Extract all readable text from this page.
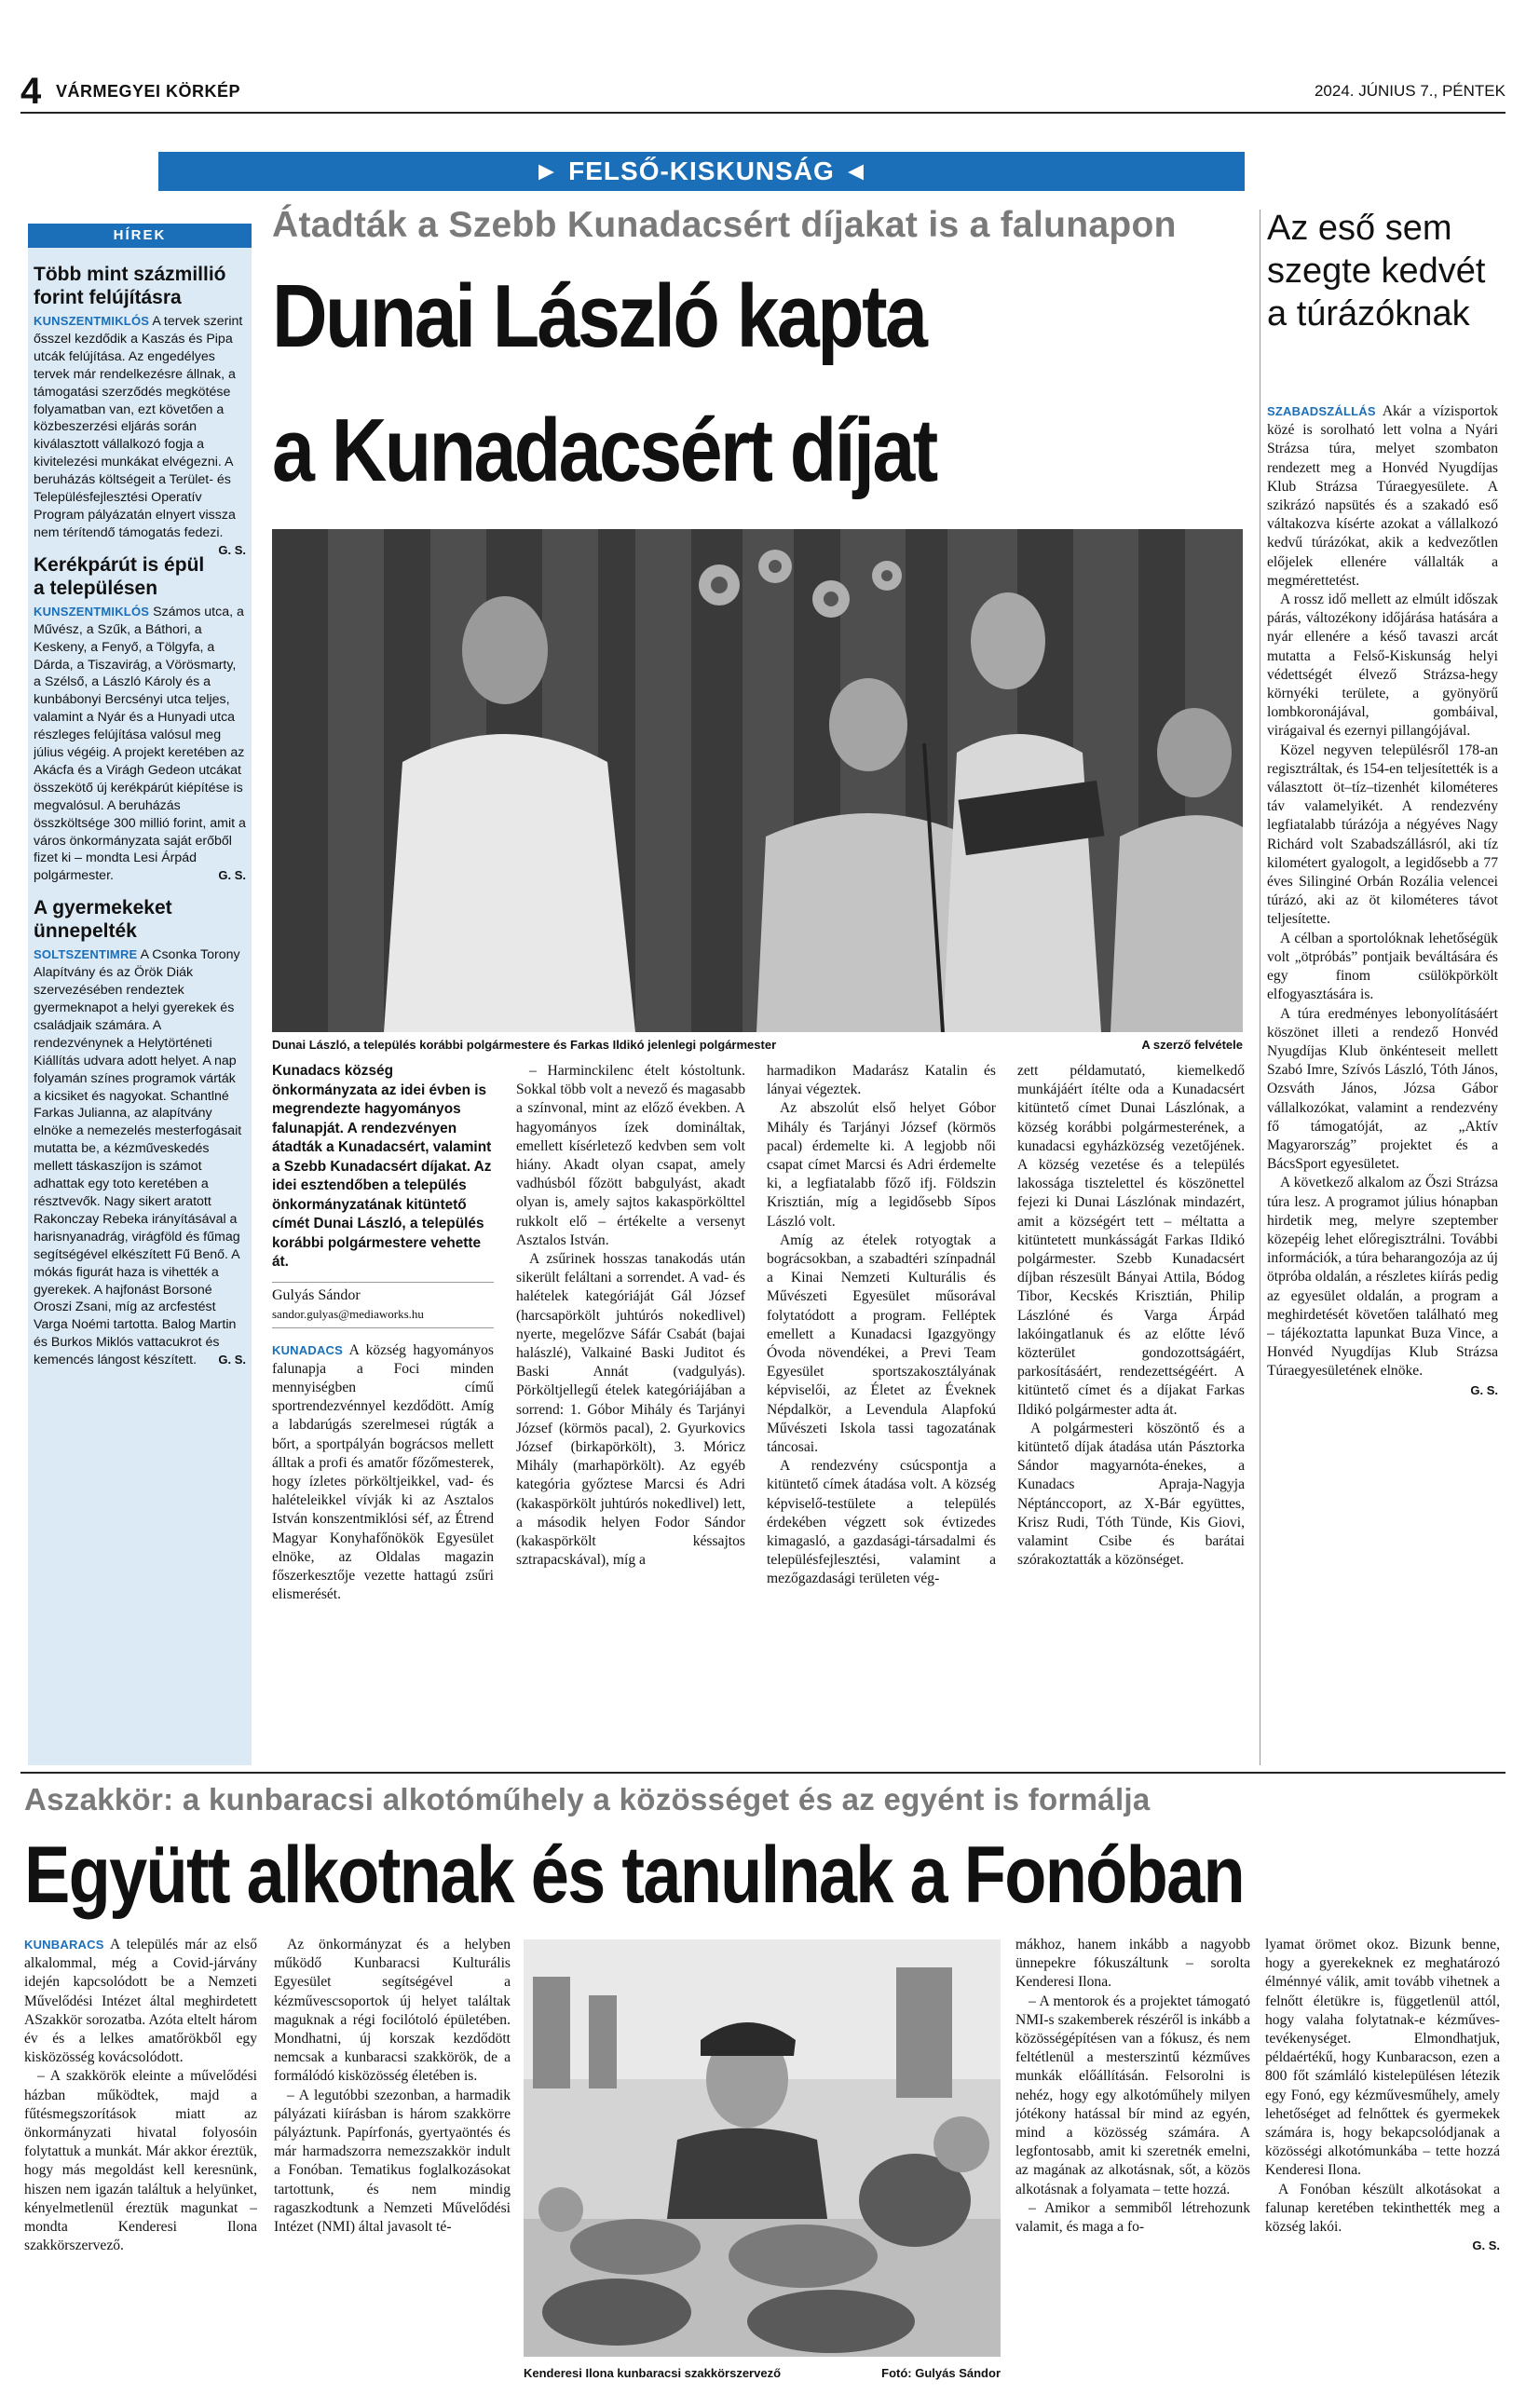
4 VÁRMEGYEI KÖRKÉP	2024. JÚNIUS 7., PÉNTEK
► FELSŐ-KISKUNSÁG ◄
HÍREK
Több mint százmillió forint felújításra
KUNSZENTMIKLÓS A tervek szerint ősszel kezdődik a Kaszás és Pipa utcák felújítása. Az engedélyes tervek már rendelkezésre állnak, a támogatási szerződés megkötése folyamatban van, ezt követően a közbeszerzési eljárás során kiválasztott vállalkozó fogja a kivitelezési munkákat elvégezni. A beruházás költségeit a Terület- és Településfejlesztési Operatív Program pályázatán elnyert vissza nem térítendő támogatás fedezi.
G. S.
Kerékpárút is épül a településen
KUNSZENTMIKLÓS Számos utca, a Művész, a Szűk, a Báthori, a Keskeny, a Fenyő, a Tölgyfa, a Dárda, a Tiszavirág, a Vörösmarty, a Szélső, a László Károly és a kunbábonyi Bercsényi utca teljes, valamint a Nyár és a Hunyadi utca részleges felújítása valósul meg július végéig. A projekt keretében az Akácfa és a Virágh Gedeon utcákat összekötő új kerékpárút kiépítése is megvalósul. A beruházás összköltsége 300 millió forint, amit a város önkormányzata saját erőből fizet ki – mondta Lesi Árpád polgármester.	G. S.
A gyermekeket ünnepelték
SOLTSZENTIMRE A Csonka Torony Alapítvány és az Örök Diák szervezésében rendeztek gyermeknapot a helyi gyerekek és családjaik számára. A rendezvénynek a Helytörténeti Kiállítás udvara adott helyet. A nap folyamán színes programok várták a kicsiket és nagyokat. Schantlné Farkas Julianna, az alapítvány elnöke a nemezelés mesterfogásait mutatta be, a kézműveskedés mellett táskaszíjon is számot adhattak egy toto keretében a résztvevők. Nagy sikert aratott Rakonczay Rebeka irányításával a harisnyanadrág, virágföld és fűmag segítségével elkészített Fű Benő. A mókás figurát haza is vihették a gyerekek. A hajfonást Borsoné Oroszi Zsani, míg az arcfestést Varga Noémi tartotta. Balog Martin és Burkos Miklós vattacukrot és kemencés lángost készített. G. S.
Átadták a Szebb Kunadacsért díjakat is a falunapon
Dunai László kapta
a Kunadacsért díjat
Dunai László, a település korábbi polgármestere és Farkas Ildikó jelenlegi polgármester	A szerző felvétele
Kunadacs község önkormányzata az idei évben is megrendezte hagyományos falunapját. A rendezvényen átadták a Kunadacsért, valamint a Szebb Kunadacsért díjakat. Az idei esztendőben a település önkormányzatának kitüntető címét Dunai László, a település korábbi polgármestere vehette át.
Gulyás Sándor
sandor.gulyas@mediaworks.hu

KUNADACS A község hagyományos falunapja a Foci minden mennyiségben című sportrendezvénnyel kezdődött. Amíg a labdarúgás szerelmesei rúgták a bőrt, a sportpályán bográcsos mellett álltak a profi és amatőr főzőmesterek, hogy ízletes pörköltjeikkel, vad- és halételeikkel vívják ki az Asztalos István konszentmiklósi séf, az Étrend Magyar Konyhafőnökök Egyesület elnöke, az Oldalas magazin főszerkesztője vezette hattagú zsűri elismerését.

– Harminckilenc ételt kóstoltunk. Sokkal több volt a nevező és magasabb a színvonal, mint az előző években. A hagyományos ízek domináltak, emellett kísérletező kedvben sem volt hiány. Akadt olyan csapat, amely vadhúsból főzött babgulyást, akadt olyan is, amely sajtos kakaspörkölttel rukkolt elő – értékelte a versenyt Asztalos István.

A zsűrinek hosszas tanakodás után sikerült feláltani a sorrendet. A vad- és halételek kategóriáját Gál József (harcsapörkölt juhtúrós nokedlivel) nyerte, megelőzve Sáfár Csabát (bajai halászlé), Valkainé Baski Juditot és Baski Annát (vadgulyás). Pörköltjellegű ételek kategóriájában a sorrend: 1. Góbor Mihály és Tarjányi József (körmös pacal), 2. Gyurkovics József (birkapörkölt), 3. Móricz Mihály (marhapörkölt). Az egyéb kategória győztese Marcsi és Adri (kakaspörkölt juhtúrós nokedlivel) lett, a második helyen Fodor Sándor (kakaspörkölt késsajtos sztrapacskával), míg a

harmadikon Madarász Katalin és lányai végeztek.

Az abszolút első helyet Góbor Mihály és Tarjányi József (körmös pacal) érdemelte ki. A legjobb női csapat címet Marcsi és Adri érdemelte ki, a legfiatalabb főző ifj. Földszin Krisztián, míg a legidősebb Sípos László volt.

Amíg az ételek rotyogtak a bográcsokban, a szabadtéri színpadnál a Kinai Nemzeti Kulturális és Művészeti Egyesület műsorával folytatódott a program. Felléptek emellett a Kunadacsi Igazgyöngy Óvoda növendékei, a Previ Team Egyesület sportszakosztályának képviselői, az Életet az Éveknek Népdalkör, a Levendula Alapfokú Művészeti Iskola tassi tagozatának táncosai.

A rendezvény csúcspontja a kitüntető címek átadása volt. A község képviselő-testülete a település érdekében végzett sok évtizedes kimagasló, a gazdasági-társadalmi és településfejlesztési, valamint a mezőgazdasági területen vég-

zett példamutató, kiemelkedő munkájáért ítélte oda a Kunadacsért kitüntető címet Dunai Lászlónak, a község korábbi polgármesterének, a kunadacsi egyházközség vezetőjének. A község vezetése és a település lakossága tisztelettel és köszönettel fejezi ki Dunai Lászlónak mindazért, amit a községért tett – méltatta a kitüntetett munkásságát Farkas Ildikó polgármester. Szebb Kunadacsért díjban részesült Bányai Attila, Bódog Tibor, Kecskés Krisztián, Philip Lászlóné és Varga Árpád lakóingatlanuk és az előtte lévő közterület gondozottságáért, parkosításáért, rendezettségéért. A kitüntető címet és a díjakat Farkas Ildikó polgármester adta át.

A polgármesteri köszöntő és a kitüntető díjak átadása után Pásztorka Sándor magyarnóta-énekes, a Kunadacs Apraja-Nagyja Néptáncсoport, az X-Bár együttes, Krisz Rudi, Tóth Tünde, Kis Giovi, valamint Csibe és barátai szórakoztatták a közönséget.

Az eső sem szegte kedvét a túrázóknak

SZABADSZÁLLÁS Akár a vízisportok közé is sorolható lett volna a Nyári Strázsa túra, melyet szombaton rendezett meg a Honvéd Nyugdíjas Klub Strázsa Túraegyesülete. A szikrázó napsütés és a szakadó eső váltakozva kísérte azokat a vállalkozó kedvű túrázókat, akik a kedvezőtlen előjelek ellenére vállalták a megmérettetést.

A rossz idő mellett az elmúlt időszak párás, változékony időjárása hatására a nyár ellenére a késő tavaszi arcát mutatta a Felső-Kiskunság helyi védettségét élvező Strázsa-hegy környéki területe, a gyönyörű lombkoronájával, gombáival, virágaival és ezernyi pillangójával.

Közel negyven településről 178-an regisztráltak, és 154-en teljesítették is a választott öt–tíz–tizenhét kilométeres táv valamelyikét. A rendezvény legfiatalabb túrázója a négyéves Nagy Richárd volt Szabadszállásról, aki tíz kilométert gyalogolt, a legidősebb a 77 éves Silinginé Orbán Rozália velencei túrázó, aki az öt kilométeres távot teljesítette.

A célban a sportolóknak lehetőségük volt „ötpróbás” pontjaik beváltására és egy finom csülökpörkölt elfogyasztására is.

A túra eredményes lebonyolításáért köszönet illeti a rendező Honvéd Nyugdíjas Klub önkénteseit mellett Szabó Imre, Szívós László, Tóth János, Ozsváth János, Józsa Gábor vállalkozókat, valamint a rendezvény fő támogatóját, az „Aktív Magyarország” projektet és a BácsSport egyesületet.

A következő alkalom az Őszi Strázsa túra lesz. A programot július hónapban hirdetik meg, melyre szeptember közepéig lehet előregisztrálni. További információk, a túra beharangozója az új ötpróba oldalán, a részletes kiírás pedig az egyesület oldalán, a program a meghirdetését követően található meg – tájékoztatta lapunkat Buza Vince, a Honvéd Nyugdíjas Klub Strázsa Túraegyesületének elnöke.

G. S.
Aszakkör: a kunbaracsi alkotóműhely a közösséget és az egyént is formálja
Együtt alkotnak és tanulnak a Fonóban

KUNBARACS A település már az első alkalommal, még a Covid-járvány idején kapcsolódott be a Nemzeti Művelődési Intézet által meghirdetett ASzakkör sorozatba. Azóta eltelt három év és a lelkes amatőrökből egy kisközösség kovácsolódott.

– A szakkörök eleinte a művelődési házban működtek, majd a fűtésmegszorítások miatt az önkormányzati hivatal folyosóin folytattuk a munkát. Már akkor éreztük, hogy más megoldást kell keresnünk, hiszen nem igazán találtuk a helyünket, kényelmetlenül éreztük magunkat – mondta Kenderesi Ilona szakkörszervező.

Az önkormányzat és a helyben működő Kunbaracsi Kulturális Egyesület segítségével a kézművescsoportok új helyet találtak maguknak a régi focilótoló épületében. Mondhatni, új korszak kezdődött nemcsak a kunbaracsi szakkörök, de a formálódó kisközösség életében is.

– A legutóbbi szezonban, a harmadik pályázati kiírásban is három szakkörre pályáztunk. Papírfonás, gyertyaöntés és már harmadszorra nemezszakkör indult a Fonóban. Tematikus foglalkozásokat tartottunk, és nem mindig ragaszkodtunk a Nemzeti Művelődési Intézet (NMI) által javasolt té-

Kenderesi Ilona kunbaracsi szakkörszervező	Fotó: Gulyás Sándor

mákhoz, hanem inkább a nagyobb ünnepekre fókuszáltunk – sorolta Kenderesi Ilona.

– A mentorok és a projektet támogató NMI-s szakemberek részéről is inkább a közösségépítésen van a fókusz, és nem feltétlenül a mesterszintű kézműves munkák előállításán. Felsorolni is nehéz, hogy egy alkotóműhely milyen jótékony hatással bír mind az egyén, mind a közösség számára. A legfontosabb, amit ki szeretnék emelni, az magának az alkotásnak, sőt, a közös alkotásnak a folyamata – tette hozzá.

– Amikor a semmiből létrehozunk valamit, és maga a fo-

lyamat örömet okoz. Bizunk benne, hogy a gyerekeknek ez meghatározó élménnyé válik, amit tovább vihetnek a felnőtt életükre is, függetlenül attól, hogy valaha folytatnak-e kézműves-tevékenységet. Elmondhatjuk, példaértékű, hogy Kunbaracson, ezen a 800 főt számláló kistelepülésen létezik egy Fonó, egy kézművesműhely, amely lehetőséget ad felnőttek és gyermekek számára is, hogy bekapcsolódjanak a közösségi alkotómunkába – tette hozzá Kenderesi Ilona.

A Fonóban készült alkotásokat a falunap keretében tekinthették meg a község lakói.

G. S.
